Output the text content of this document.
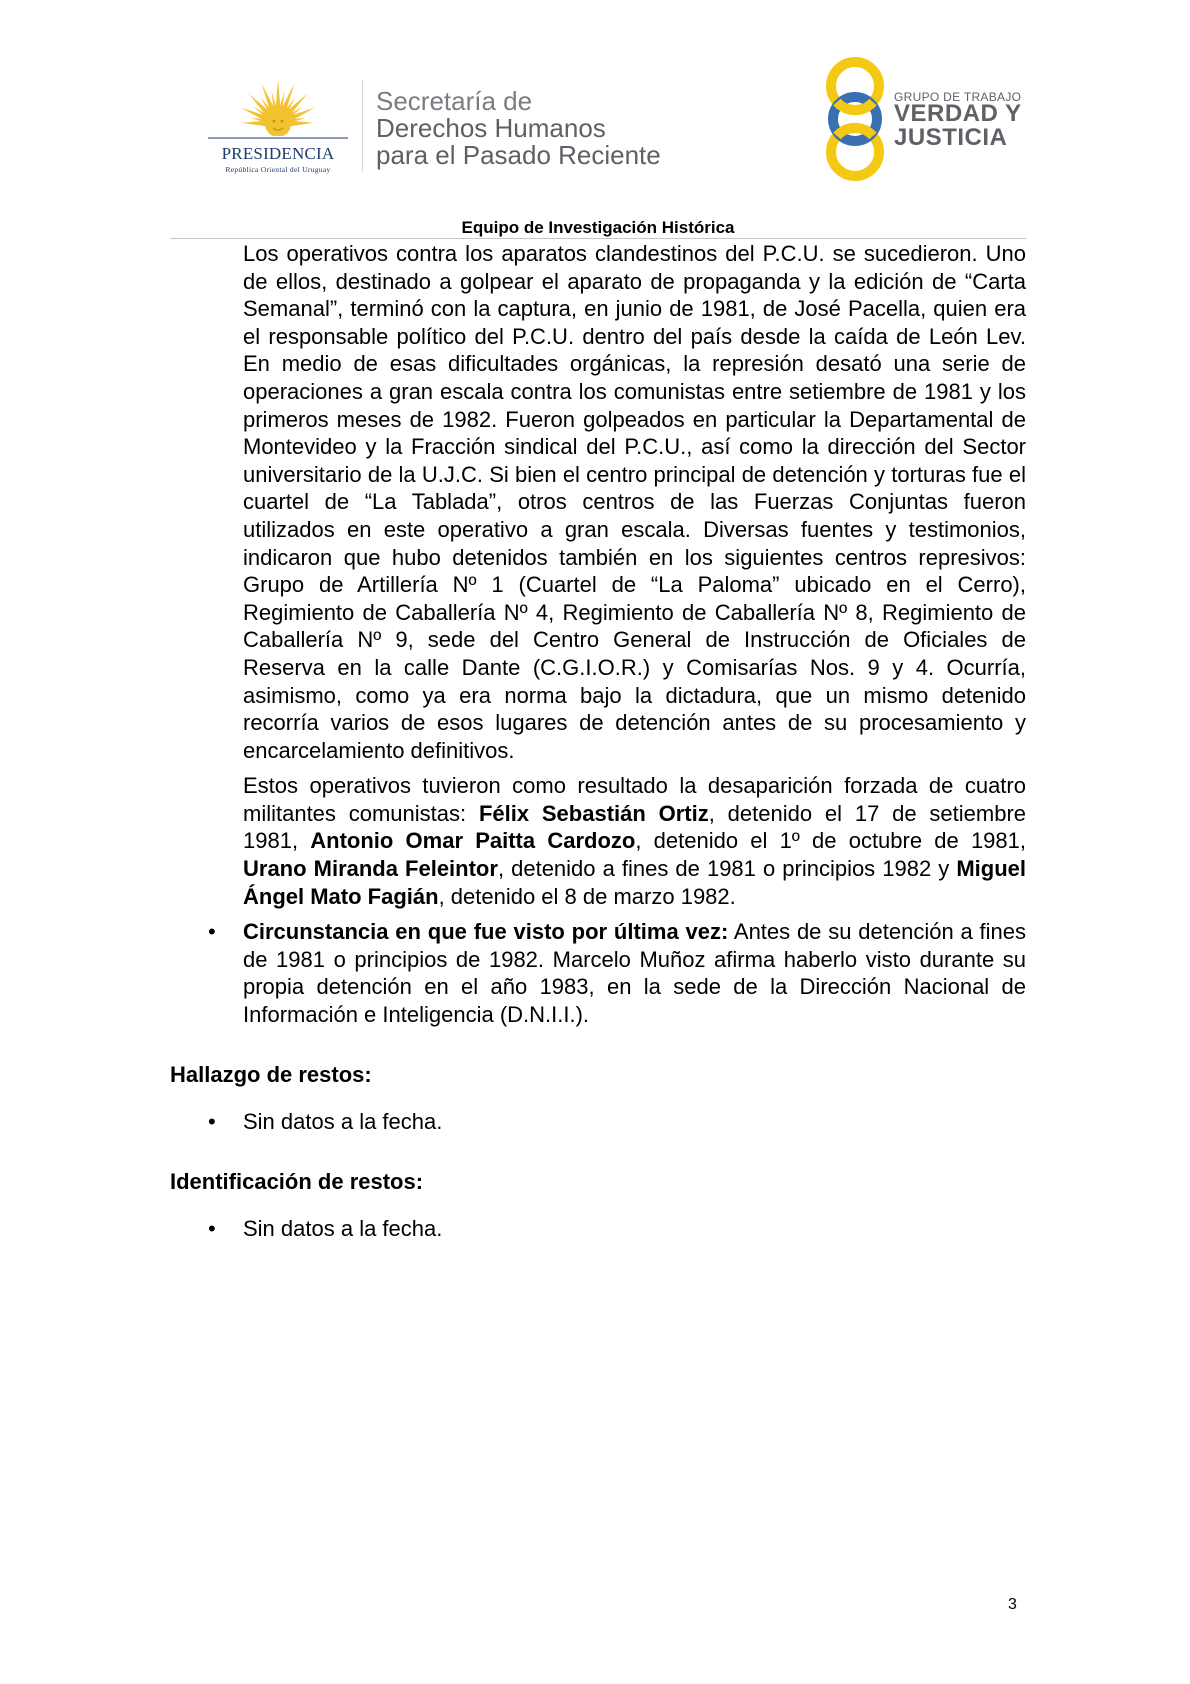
PRESIDENCIA
República Oriental del Uruguay
Secretaría de
Derechos Humanos
para el Pasado Reciente
GRUPO DE TRABAJO
VERDAD Y
JUSTICIA
Equipo de Investigación Histórica

Los operativos contra los aparatos clandestinos del P.C.U. se sucedieron. Uno de ellos, destinado a golpear el aparato de propaganda y la edición de “Carta Semanal”, terminó con la captura, en junio de 1981, de José Pacella, quien era el responsable político del P.C.U. dentro del país desde la caída de León Lev. En medio de esas dificultades orgánicas, la represión desató una serie de operaciones a gran escala contra los comunistas entre setiembre de 1981 y los primeros meses de 1982. Fueron golpeados en particular la Departamental de Montevideo y la Fracción sindical del P.C.U., así como la dirección del Sector universitario de la U.J.C. Si bien el centro principal de detención y torturas fue el cuartel de “La Tablada”, otros centros de las Fuerzas Conjuntas fueron utilizados en este operativo a gran escala. Diversas fuentes y testimonios, indicaron que hubo detenidos también en los siguientes centros represivos: Grupo de Artillería Nº 1 (Cuartel de “La Paloma” ubicado en el Cerro), Regimiento de Caballería Nº 4, Regimiento de Caballería Nº 8, Regimiento de Caballería Nº 9, sede del Centro General de Instrucción de Oficiales de Reserva en la calle Dante (C.G.I.O.R.) y Comisarías Nos. 9 y 4. Ocurría, asimismo, como ya era norma bajo la dictadura, que un mismo detenido recorría varios de esos lugares de detención antes de su procesamiento y encarcelamiento definitivos.

Estos operativos tuvieron como resultado la desaparición forzada de cuatro militantes comunistas: Félix Sebastián Ortiz, detenido el 17 de setiembre 1981, Antonio Omar Paitta Cardozo, detenido el 1º de octubre de 1981, Urano Miranda Feleintor, detenido a fines de 1981 o principios 1982 y Miguel Ángel Mato Fagián, detenido el 8 de marzo 1982.

• Circunstancia en que fue visto por última vez: Antes de su detención a fines de 1981 o principios de 1982. Marcelo Muñoz afirma haberlo visto durante su propia detención en el año 1983, en la sede de la Dirección Nacional de Información e Inteligencia (D.N.I.I.).
Hallazgo de restos:
• Sin datos a la fecha.
Identificación de restos:
• Sin datos a la fecha.
3
